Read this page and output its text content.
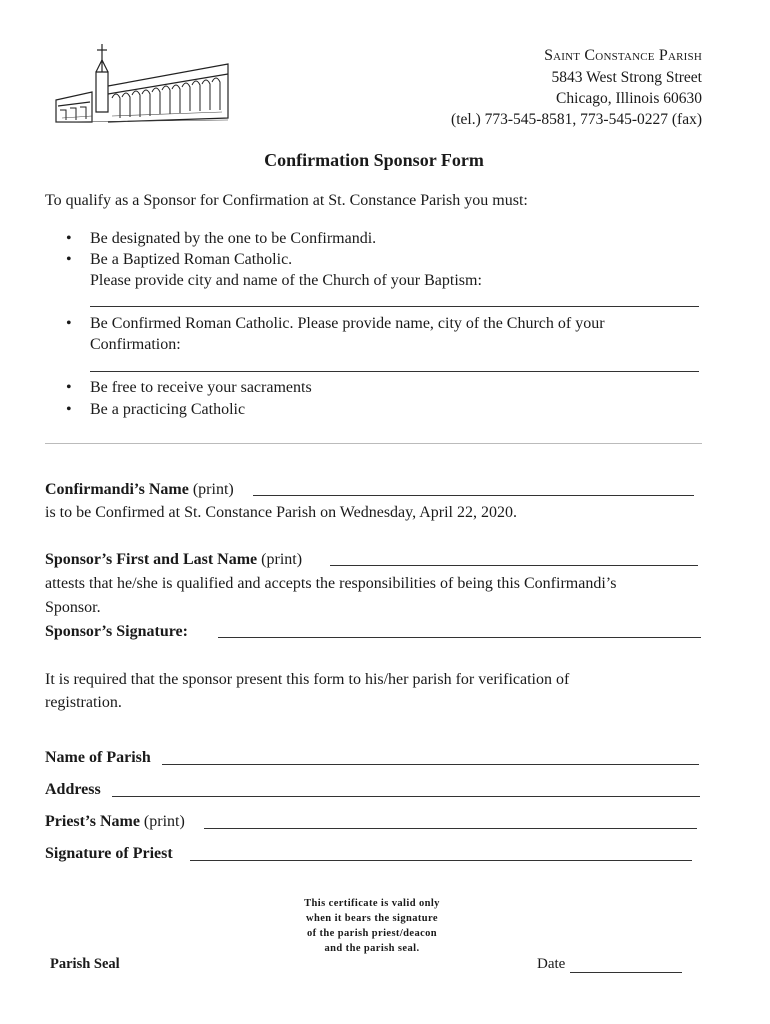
Saint Constance Parish
5843 West Strong Street
Chicago, Illinois 60630
(tel.) 773-545-8581, 773-545-0227 (fax)
Confirmation Sponsor Form
To qualify as a Sponsor for Confirmation at St. Constance Parish you must:
• Be designated by the one to be Confirmandi.
• Be a Baptized Roman Catholic.
Please provide city and name of the Church of your Baptism:
• Be Confirmed Roman Catholic. Please provide name, city of the Church of your
Confirmation:
• Be free to receive your sacraments
• Be a practicing Catholic
Confirmandi’s Name (print)
is to be Confirmed at St. Constance Parish on Wednesday, April 22, 2020.
Sponsor’s First and Last Name (print)
attests that he/she is qualified and accepts the responsibilities of being this Confirmandi’s
Sponsor.
Sponsor’s Signature:
It is required that the sponsor present this form to his/her parish for verification of
registration.
Name of Parish
Address
Priest’s Name (print)
Signature of Priest
This certificate is valid only
when it bears the signature
of the parish priest/deacon
and the parish seal.
Parish Seal	Date
